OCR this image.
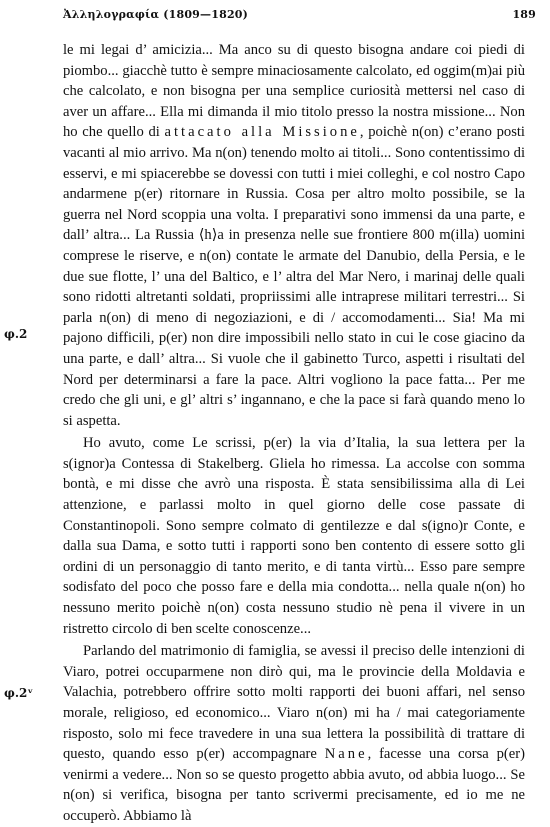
Ἀλληλογραφία (1809—1820)	189
φ.2
φ.2ᵛ

le mi legai d’ amicizia... Ma anco su di questo bisogna andare coi piedi di piombo... giacchè tutto è sempre minaciosamente calcolato, ed oggim(m)ai più che calcolato, e non bisogna per una semplice curiosità mettersi nel caso di aver un affare... Ella mi dimanda il mio titolo presso la nostra missione... Non ho che quello di attacato alla Missione, poichè n(on) c’erano posti vacanti al mio arrivo. Ma n(on) tenendo molto ai titoli... Sono contentissimo di esservi, e mi spiacerebbe se dovessi con tutti i miei colleghi, e col nostro Capo andarmene p(er) ritornare in Russia. Cosa per altro molto possibile, se la guerra nel Nord scoppia una volta. I preparativi sono immensi da una parte, e dall’ altra... La Russia ⟨h⟩a in presenza nelle sue frontiere 800 m(illa) uomini comprese le riserve, e n(on) contate le armate del Danubio, della Persia, e le due sue flotte, l’ una del Baltico, e l’ altra del Mar Nero, i marinaj delle quali sono ridotti altretanti soldati, propriissimi alle intraprese militari terrestri... Si parla n(on) di meno di negoziazioni, e di / accomodamenti... Sia! Ma mi pajono difficili, p(er) non dire impossibili nello stato in cui le cose giacino da una parte, e dall’ altra... Si vuole che il gabinetto Turco, aspetti i risultati del Nord per determinarsi a fare la pace. Altri vogliono la pace fatta... Per me credo che gli uni, e gl’ altri s’ ingannano, e che la pace si farà quando meno lo si aspetta.

Ho avuto, come Le scrissi, p(er) la via d’Italia, la sua lettera per la s(ignor)a Contessa di Stakelberg. Gliela ho rimessa. La accolse con somma bontà, e mi disse che avrò una risposta. È stata sensibilissima alla di Lei attenzione, e parlassi molto in quel giorno delle cose passate di Constantinopoli. Sono sempre colmato di gentilezze e dal s(igno)r Conte, e dalla sua Dama, e sotto tutti i rapporti sono ben contento di essere sotto gli ordini di un personaggio di tanto merito, e di tanta virtù... Esso pare sempre sodisfato del poco che posso fare e della mia condotta... nella quale n(on) ho nessuno merito poichè n(on) costa nessuno studio nè pena il vivere in un ristretto circolo di ben scelte conoscenze...

Parlando del matrimonio di famiglia, se avessi il preciso delle intenzioni di Viaro, potrei occuparmene non dirò qui, ma le provincie della Moldavia e Valachia, potrebbero offrire sotto molti rapporti dei buoni affari, nel senso morale, religioso, ed economico... Viaro n(on) mi ha / mai categoriamente risposto, solo mi fece travedere in una sua lettera la possibilità di trattare di questo, quando esso p(er) accompagnare Nane, facesse una corsa p(er) venirmi a vedere... Non so se questo progetto abbia avuto, od abbia luogo... Se n(on) si verifica, bisogna per tanto scrivermi precisamente, ed io me ne occuperò. Abbiamo là
